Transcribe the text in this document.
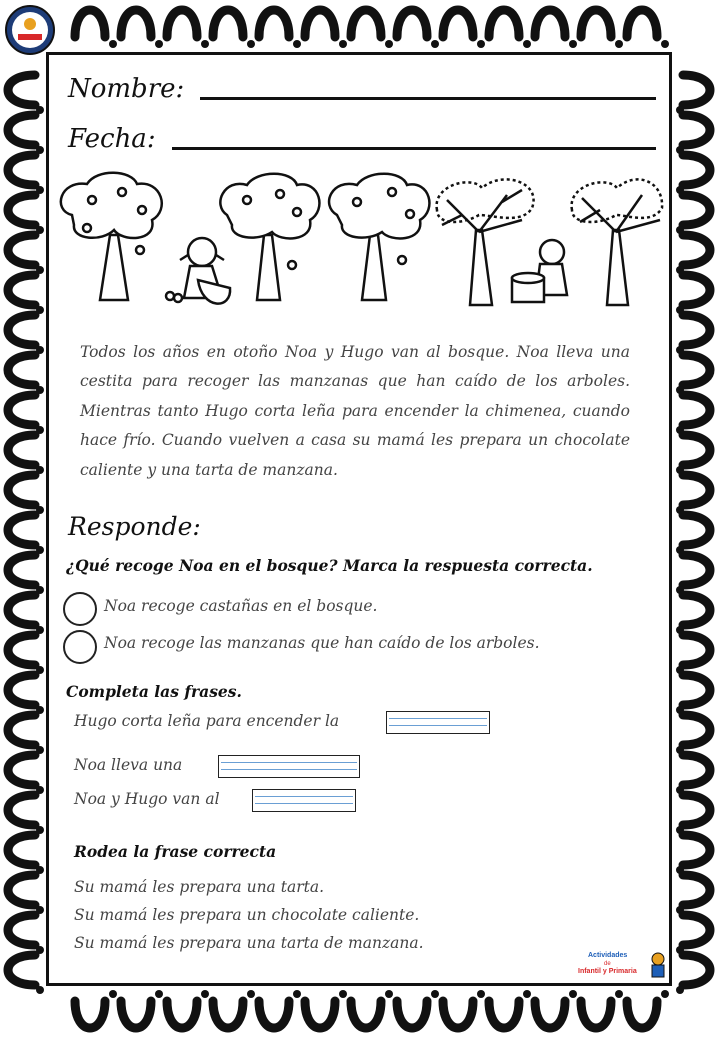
Nombre:
Fecha:
Todos los años en otoño Noa y Hugo van al bosque. Noa lleva una cestita para recoger las manzanas que han caído de los arboles. Mientras tanto Hugo corta leña para encender la chimenea, cuando hace frío. Cuando vuelven a casa su mamá les prepara un chocolate caliente y una tarta de manzana.
Responde:
¿Qué recoge Noa en el bosque? Marca la respuesta correcta.
Noa recoge castañas en el bosque.
Noa recoge las manzanas que han caído de los arboles.
Completa las frases.
Hugo corta leña para encender la
Noa lleva una
Noa y Hugo van al
Rodea la frase correcta
Su mamá les prepara una tarta.
Su mamá les prepara un chocolate caliente.
Su mamá les prepara una tarta de manzana.
Actividades
de
Infantil y Primaria
